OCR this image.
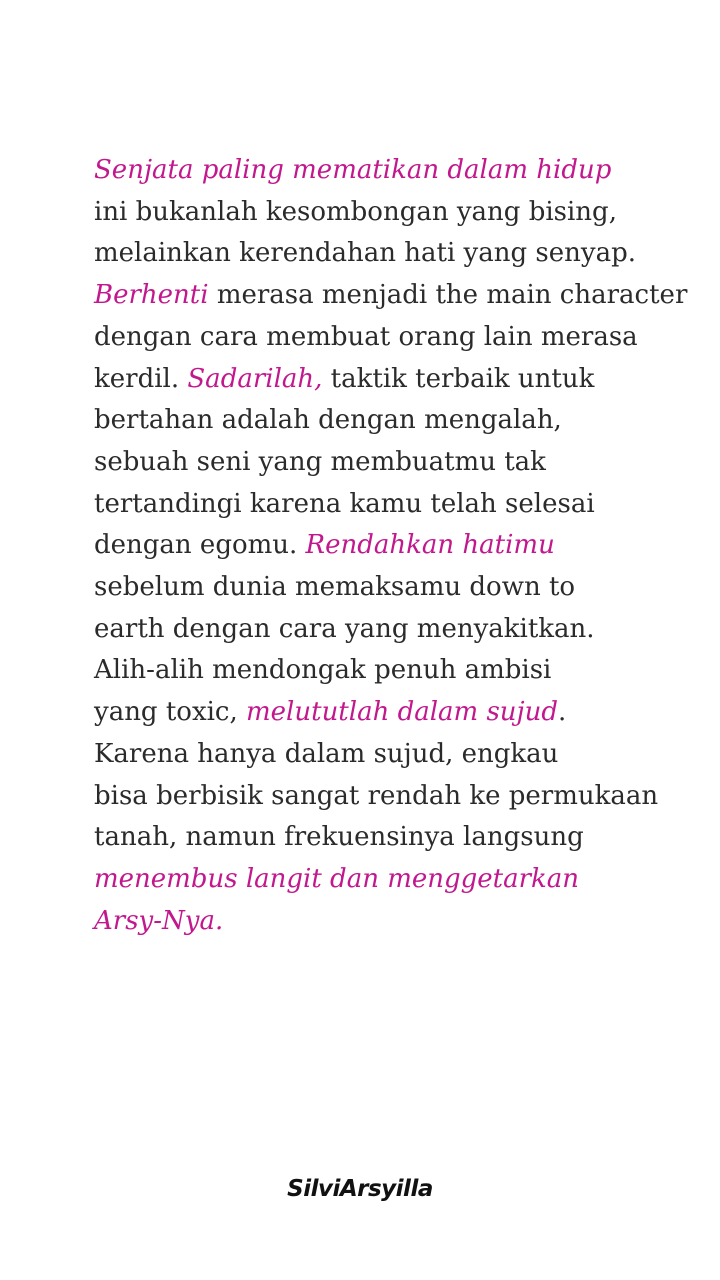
Senjata paling mematikan dalam hidup
ini bukanlah kesombongan yang bising,
melainkan kerendahan hati yang senyap.
Berhenti merasa menjadi the main character
dengan cara membuat orang lain merasa
kerdil. Sadarilah, taktik terbaik untuk
bertahan adalah dengan mengalah,
sebuah seni yang membuatmu tak
tertandingi karena kamu telah selesai
dengan egomu. Rendahkan hatimu
sebelum dunia memaksamu down to
earth dengan cara yang menyakitkan.
Alih-alih mendongak penuh ambisi
yang toxic, melututlah dalam sujud.
Karena hanya dalam sujud, engkau
bisa berbisik sangat rendah ke permukaan
tanah, namun frekuensinya langsung
menembus langit dan menggetarkan
Arsy-Nya.

SilviArsyilla
